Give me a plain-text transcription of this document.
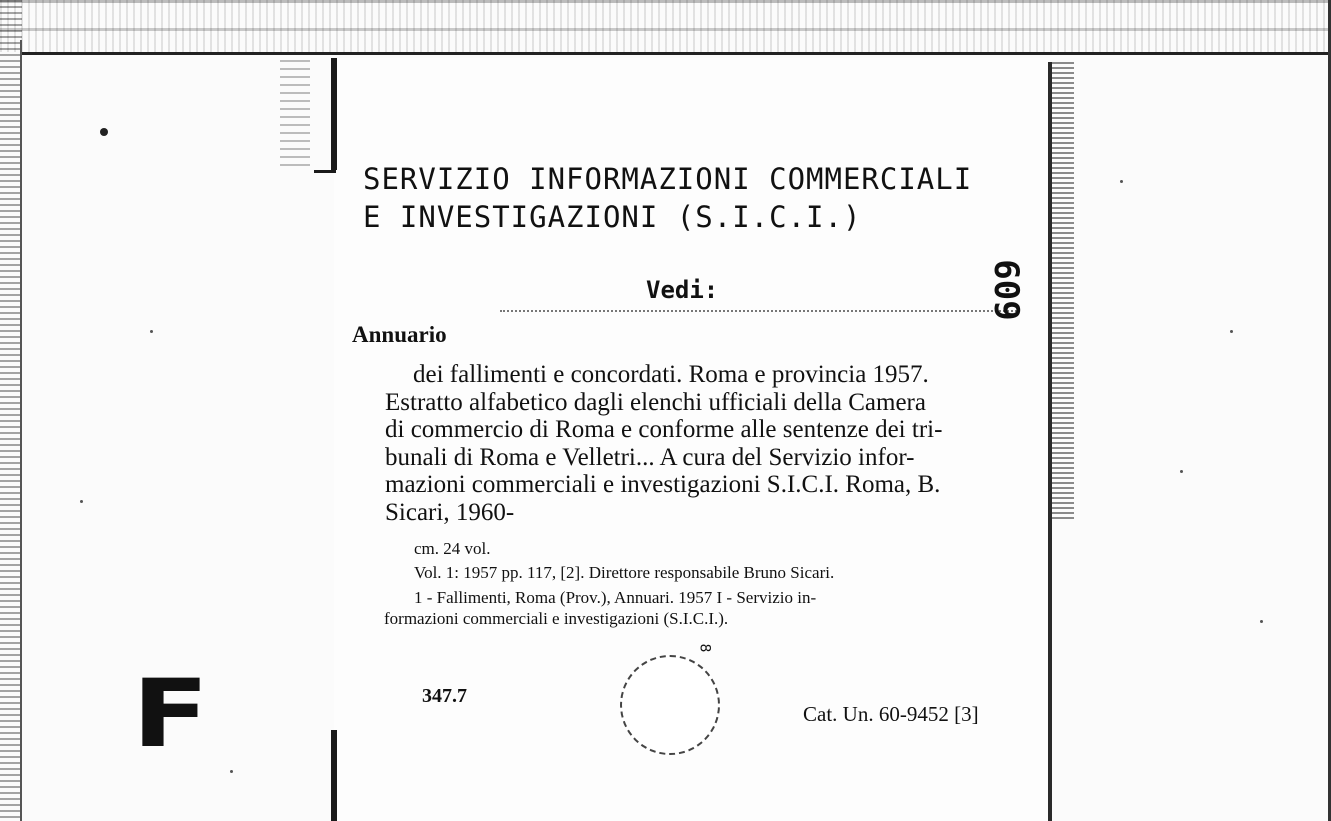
SERVIZIO INFORMAZIONI COMMERCIALI
E INVESTIGAZIONI (S.I.C.I.)
Vedi:	609
Annuario
dei fallimenti e concordati. Roma e provincia 1957.
Estratto alfabetico dagli elenchi ufficiali della Camera
di commercio di Roma e conforme alle sentenze dei tri-
bunali di Roma e Velletri... A cura del Servizio infor-
mazioni commerciali e investigazioni S.I.C.I. Roma, B.
Sicari, 1960-
cm. 24 vol.
Vol. 1: 1957 pp. 117, [2]. Direttore responsabile Bruno Sicari.
1 - Fallimenti, Roma (Prov.), Annuari. 1957 I - Servizio in-
formazioni commerciali e investigazioni (S.I.C.I.).
347.7
8
Cat. Un. 60-9452 [3]
F
